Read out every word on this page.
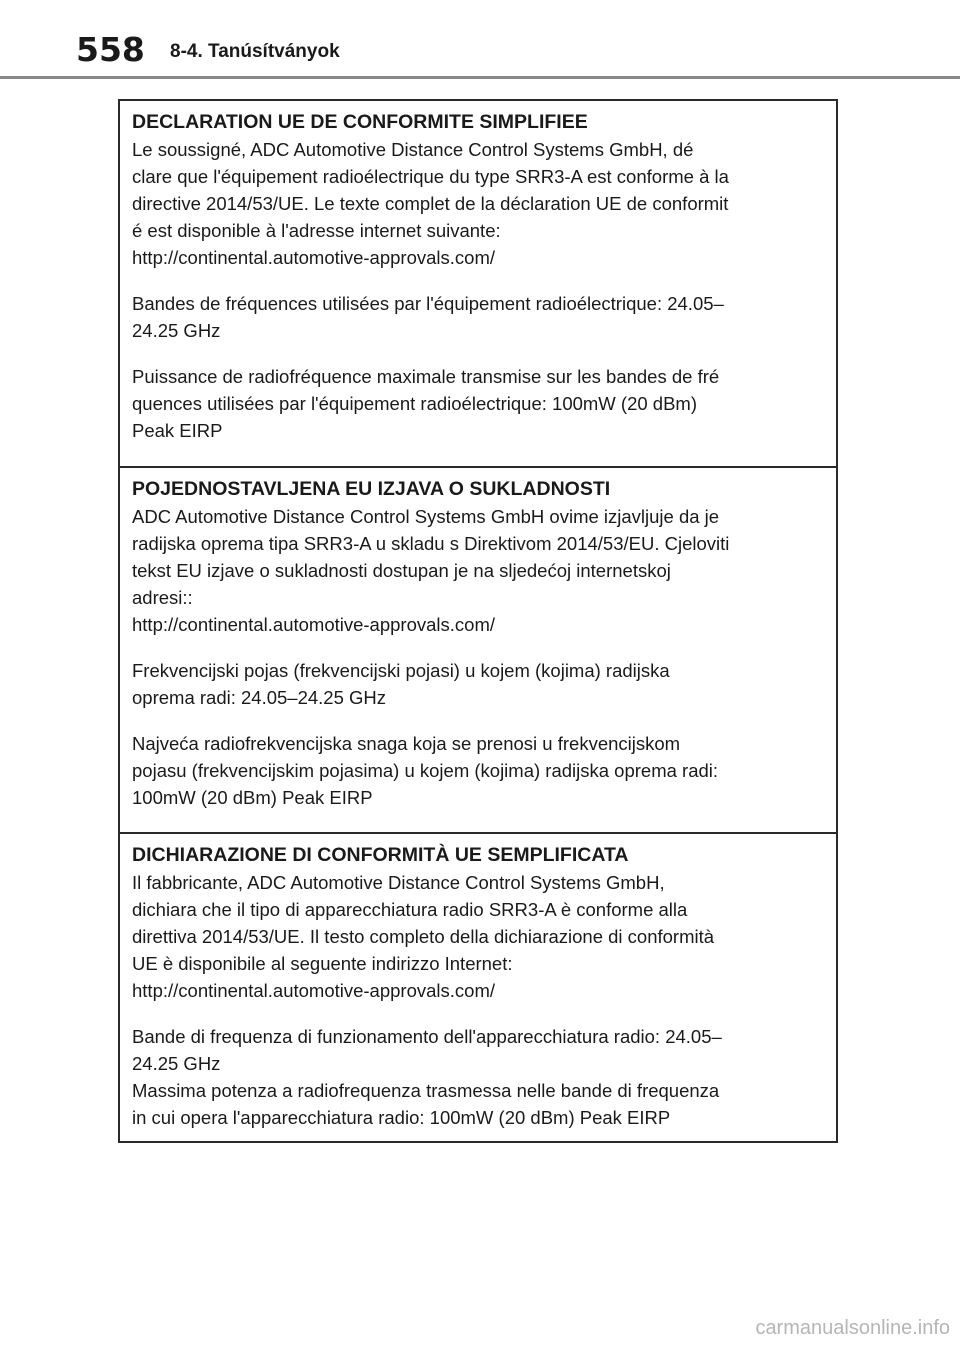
558 8-4. Tanúsítványok

DECLARATION UE DE CONFORMITE SIMPLIFIEE

Le soussigné, ADC Automotive Distance Control Systems GmbH, dé
clare que l'équipement radioélectrique du type SRR3-A est conforme à la
directive 2014/53/UE. Le texte complet de la déclaration UE de conformit
é est disponible à l'adresse internet suivante:
http://continental.automotive-approvals.com/

Bandes de fréquences utilisées par l'équipement radioélectrique: 24.05–
24.25 GHz

Puissance de radiofréquence maximale transmise sur les bandes de fré
quences utilisées par l'équipement radioélectrique: 100mW (20 dBm)
Peak EIRP

POJEDNOSTAVLJENA EU IZJAVA O SUKLADNOSTI

ADC Automotive Distance Control Systems GmbH ovime izjavljuje da je
radijska oprema tipa SRR3-A u skladu s Direktivom 2014/53/EU. Cjeloviti
tekst EU izjave o sukladnosti dostupan je na sljedećoj internetskoj
adresi::
http://continental.automotive-approvals.com/

Frekvencijski pojas (frekvencijski pojasi) u kojem (kojima) radijska
oprema radi: 24.05–24.25 GHz

Najveća radiofrekvencijska snaga koja se prenosi u frekvencijskom
pojasu (frekvencijskim pojasima) u kojem (kojima) radijska oprema radi:
100mW (20 dBm) Peak EIRP

DICHIARAZIONE DI CONFORMITÀ UE SEMPLIFICATA

Il fabbricante, ADC Automotive Distance Control Systems GmbH,
dichiara che il tipo di apparecchiatura radio SRR3-A è conforme alla
direttiva 2014/53/UE. Il testo completo della dichiarazione di conformità
UE è disponibile al seguente indirizzo Internet:
http://continental.automotive-approvals.com/

Bande di frequenza di funzionamento dell'apparecchiatura radio: 24.05–
24.25 GHz

Massima potenza a radiofrequenza trasmessa nelle bande di frequenza
in cui opera l'apparecchiatura radio: 100mW (20 dBm) Peak EIRP

carmanualsonline.info
